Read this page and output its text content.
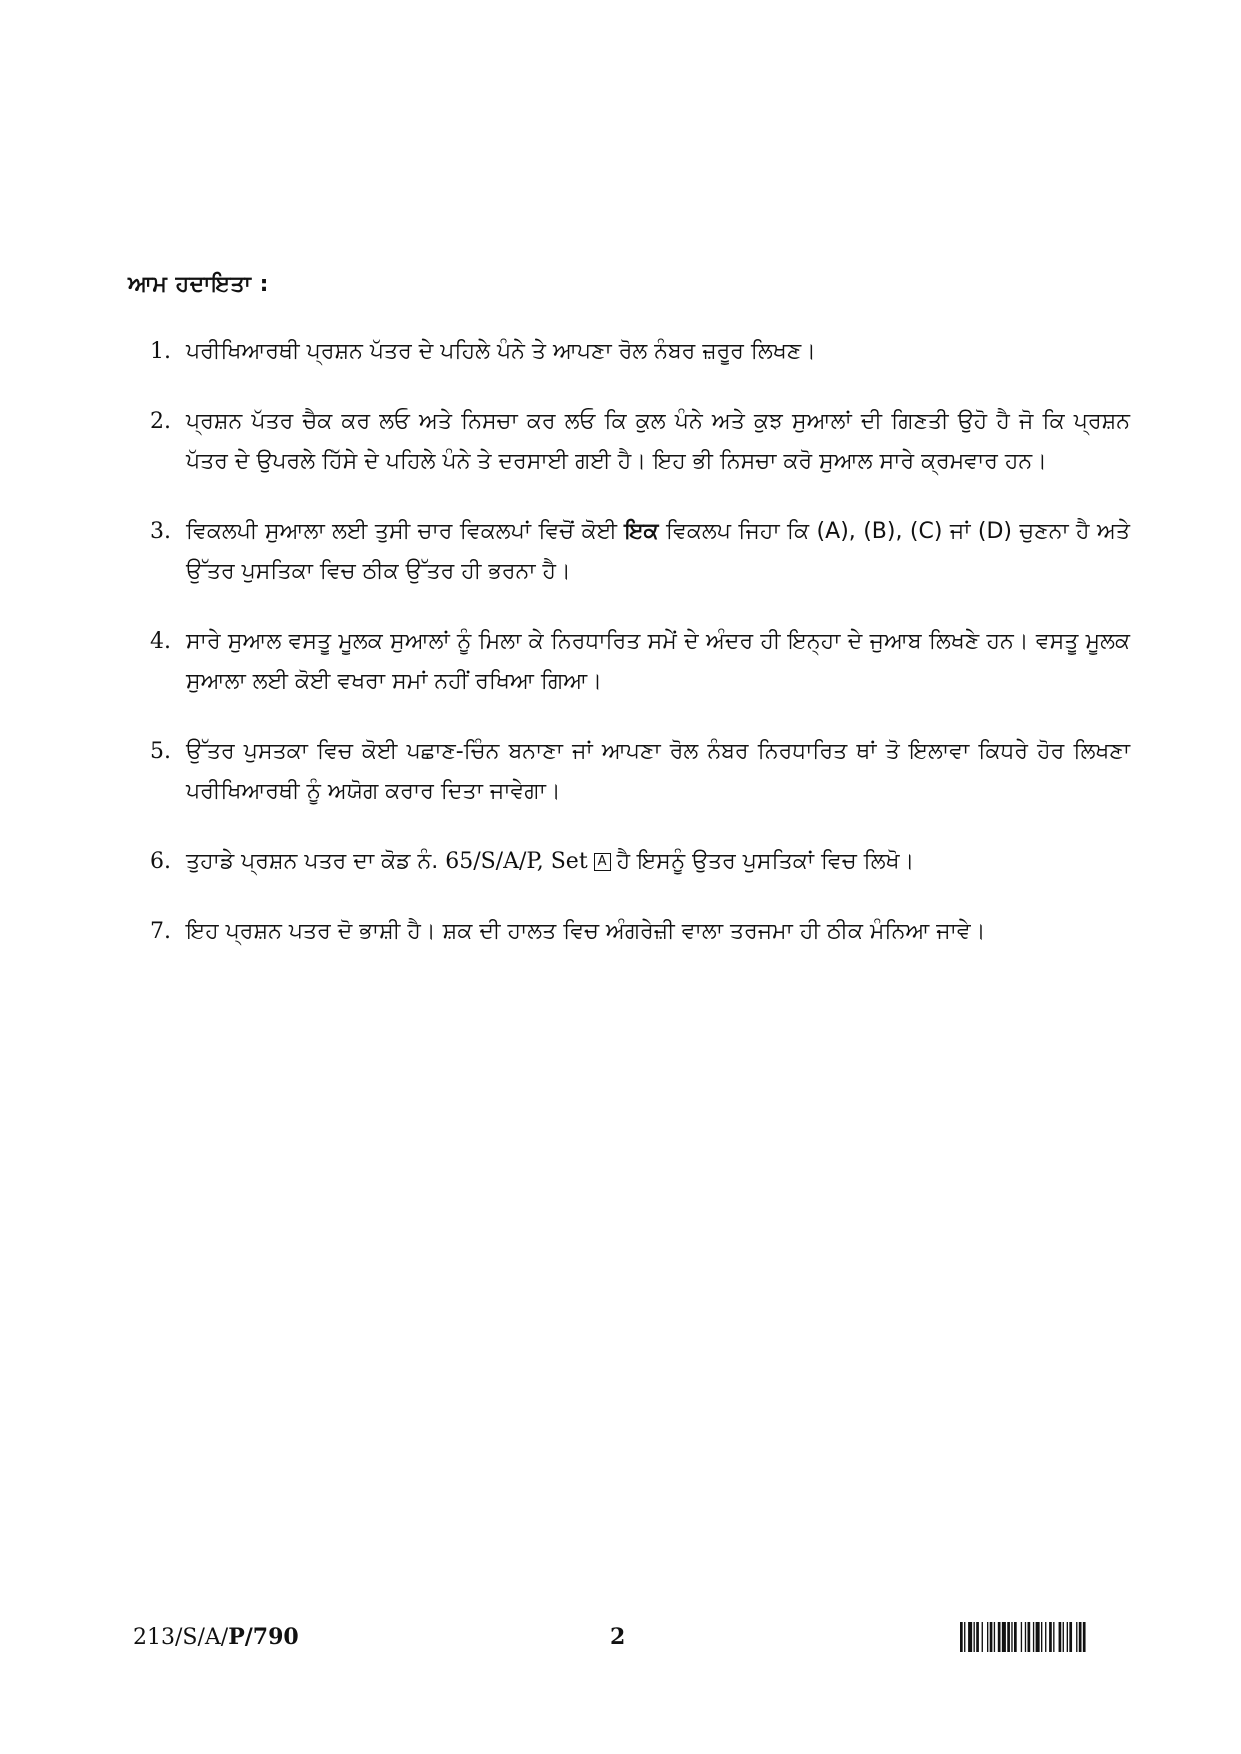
ਆਮ ਹਦਾਇਤਾ :
1. ਪਰੀਖਿਆਰਥੀ ਪ੍ਰਸ਼ਨ ਪੱਤਰ ਦੇ ਪਹਿਲੇ ਪੰਨੇ ਤੇ ਆਪਣਾ ਰੋਲ ਨੰਬਰ ਜ਼ਰੂਰ ਲਿਖਣ।
2. ਪ੍ਰਸ਼ਨ ਪੱਤਰ ਚੈਕ ਕਰ ਲਓ ਅਤੇ ਨਿਸਚਾ ਕਰ ਲਓ ਕਿ ਕੁਲ ਪੰਨੇ ਅਤੇ ਕੁਝ ਸੁਆਲਾਂ ਦੀ ਗਿਣਤੀ ਉਹੋ ਹੈ ਜੋ ਕਿ ਪ੍ਰਸ਼ਨ ਪੱਤਰ ਦੇ ਉਪਰਲੇ ਹਿੱਸੇ ਦੇ ਪਹਿਲੇ ਪੰਨੇ ਤੇ ਦਰਸਾਈ ਗਈ ਹੈ। ਇਹ ਭੀ ਨਿਸਚਾ ਕਰੋ ਸੁਆਲ ਸਾਰੇ ਕ੍ਰਮਵਾਰ ਹਨ।
3. ਵਿਕਲਪੀ ਸੁਆਲਾ ਲਈ ਤੁਸੀ ਚਾਰ ਵਿਕਲਪਾਂ ਵਿਚੋਂ ਕੋਈ ਇਕ ਵਿਕਲਪ ਜਿਹਾ ਕਿ (A), (B), (C) ਜਾਂ (D) ਚੁਣਨਾ ਹੈ ਅਤੇ ਉੱਤਰ ਪੁਸਤਿਕਾ ਵਿਚ ਠੀਕ ਉੱਤਰ ਹੀ ਭਰਨਾ ਹੈ।
4. ਸਾਰੇ ਸੁਆਲ ਵਸਤੂ ਮੂਲਕ ਸੁਆਲਾਂ ਨੂੰ ਮਿਲਾ ਕੇ ਨਿਰਧਾਰਿਤ ਸਮੇਂ ਦੇ ਅੰਦਰ ਹੀ ਇਨ੍ਹਾ ਦੇ ਜੁਆਬ ਲਿਖਣੇ ਹਨ। ਵਸਤੂ ਮੂਲਕ ਸੁਆਲਾ ਲਈ ਕੋਈ ਵਖਰਾ ਸਮਾਂ ਨਹੀਂ ਰਖਿਆ ਗਿਆ।
5. ਉੱਤਰ ਪੁਸਤਕਾ ਵਿਚ ਕੋਈ ਪਛਾਣ-ਚਿੰਨ ਬਨਾਣਾ ਜਾਂ ਆਪਣਾ ਰੋਲ ਨੰਬਰ ਨਿਰਧਾਰਿਤ ਥਾਂ ਤੋ ਇਲਾਵਾ ਕਿਧਰੇ ਹੋਰ ਲਿਖਣਾ ਪਰੀਖਿਆਰਥੀ ਨੂੰ ਅਯੋਗ ਕਰਾਰ ਦਿਤਾ ਜਾਵੇਗਾ।
6. ਤੁਹਾਡੇ ਪ੍ਰਸ਼ਨ ਪਤਰ ਦਾ ਕੋਡ ਨੰ. 65/S/A/P, Set A ਹੈ ਇਸਨੂੰ ਉਤਰ ਪੁਸਤਿਕਾਂ ਵਿਚ ਲਿਖੋ।
7. ਇਹ ਪ੍ਰਸ਼ਨ ਪਤਰ ਦੋ ਭਾਸ਼ੀ ਹੈ। ਸ਼ਕ ਦੀ ਹਾਲਤ ਵਿਚ ਅੰਗਰੇਜ਼ੀ ਵਾਲਾ ਤਰਜਮਾ ਹੀ ਠੀਕ ਮੰਨਿਆ ਜਾਵੇ।
213/S/A/P/790	2
